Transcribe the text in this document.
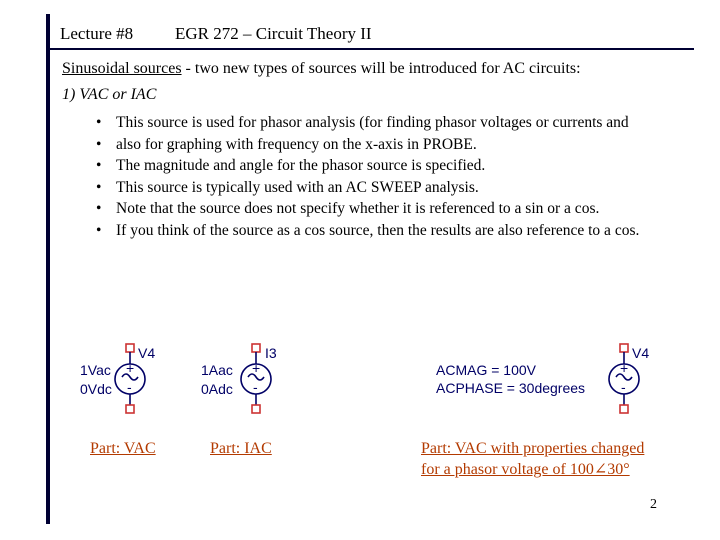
Lecture #8 EGR 272 – Circuit Theory II
Sinusoidal sources - two new types of sources will be introduced for AC circuits:
1) VAC or IAC
• This source is used for phasor analysis (for finding phasor voltages or currents and
• also for graphing with frequency on the x-axis in PROBE.
• The magnitude and angle for the phasor source is specified.
• This source is typically used with an AC SWEEP analysis.
• Note that the source does not specify whether it is referenced to a sin or a cos.
• If you think of the source as a cos source, then the results are also reference to a cos.
+
-
V4
1Vac
0Vdc
+
-
I3
1Aac
0Adc
+
-
V4
ACMAG = 100V
ACPHASE = 30degrees
Part: VAC	Part: IAC	Part: VAC with properties changed
for a phasor voltage of 100∠30°
2
